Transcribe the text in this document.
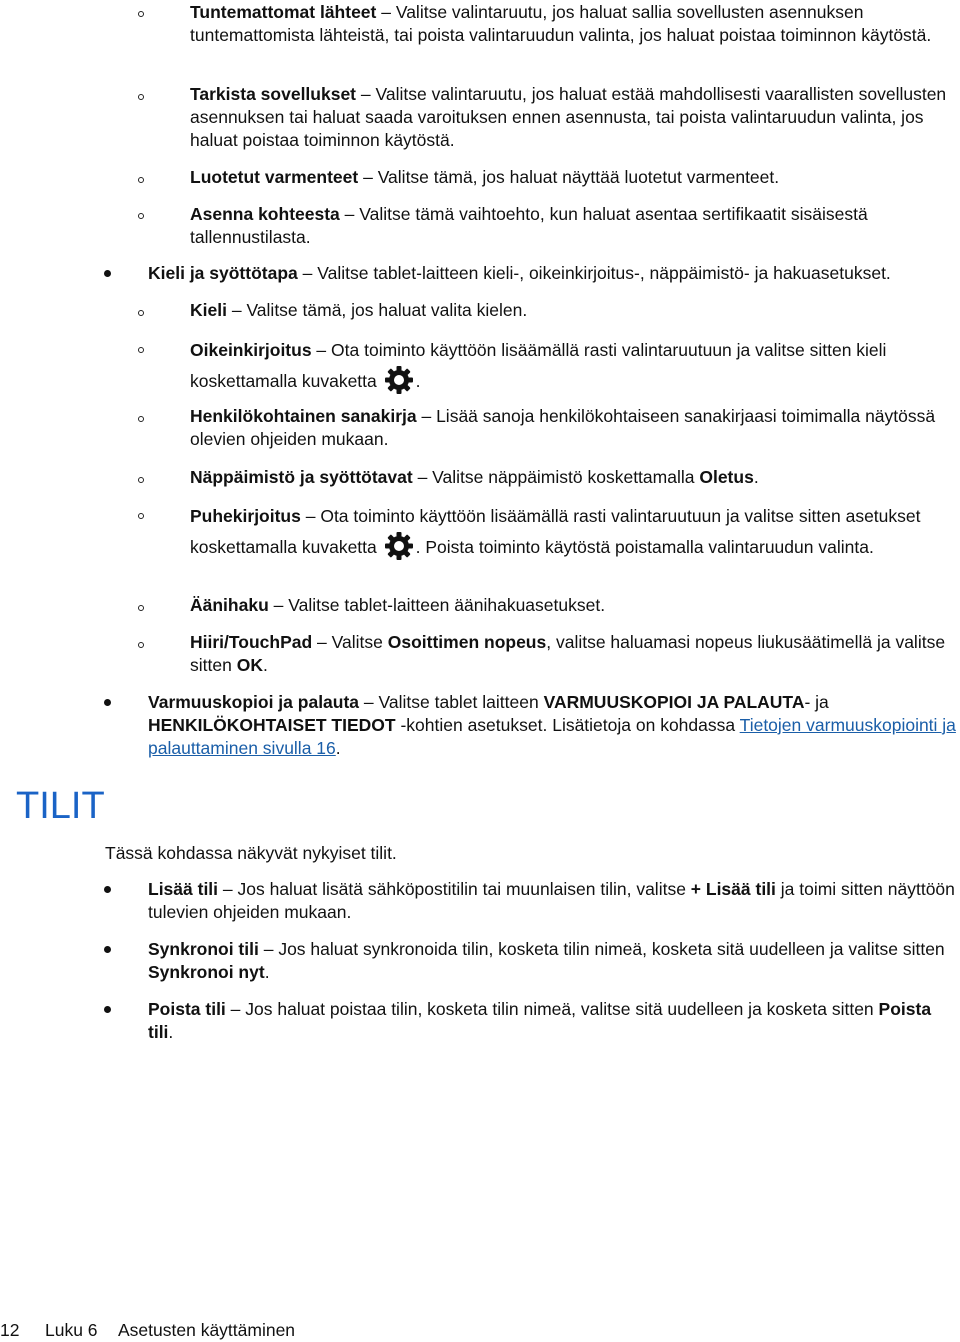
Tuntemattomat lähteet – Valitse valintaruutu, jos haluat sallia sovellusten asennuksen tuntemattomista lähteistä, tai poista valintaruudun valinta, jos haluat poistaa toiminnon käytöstä.
Tarkista sovellukset – Valitse valintaruutu, jos haluat estää mahdollisesti vaarallisten sovellusten asennuksen tai haluat saada varoituksen ennen asennusta, tai poista valintaruudun valinta, jos haluat poistaa toiminnon käytöstä.
Luotetut varmenteet – Valitse tämä, jos haluat näyttää luotetut varmenteet.
Asenna kohteesta – Valitse tämä vaihtoehto, kun haluat asentaa sertifikaatit sisäisestä tallennustilasta.
Kieli ja syöttötapa – Valitse tablet-laitteen kieli-, oikeinkirjoitus-, näppäimistö- ja hakuasetukset.
Kieli – Valitse tämä, jos haluat valita kielen.
Oikeinkirjoitus – Ota toiminto käyttöön lisäämällä rasti valintaruutuun ja valitse sitten kieli koskettamalla kuvaketta .
Henkilökohtainen sanakirja – Lisää sanoja henkilökohtaiseen sanakirjaasi toimimalla näytössä olevien ohjeiden mukaan.
Näppäimistö ja syöttötavat – Valitse näppäimistö koskettamalla Oletus.
Puhekirjoitus – Ota toiminto käyttöön lisäämällä rasti valintaruutuun ja valitse sitten asetukset koskettamalla kuvaketta . Poista toiminto käytöstä poistamalla valintaruudun valinta.
Äänihaku – Valitse tablet-laitteen äänihakuasetukset.
Hiiri/TouchPad – Valitse Osoittimen nopeus, valitse haluamasi nopeus liukusäätimellä ja valitse sitten OK.
Varmuuskopioi ja palauta – Valitse tablet laitteen VARMUUSKOPIOI JA PALAUTA- ja HENKILÖKOHTAISET TIEDOT -kohtien asetukset. Lisätietoja on kohdassa Tietojen varmuuskopiointi ja palauttaminen sivulla 16.
TILIT
Tässä kohdassa näkyvät nykyiset tilit.
Lisää tili – Jos haluat lisätä sähköpostitilin tai muunlaisen tilin, valitse + Lisää tili ja toimi sitten näyttöön tulevien ohjeiden mukaan.
Synkronoi tili – Jos haluat synkronoida tilin, kosketa tilin nimeä, kosketa sitä uudelleen ja valitse sitten Synkronoi nyt.
Poista tili – Jos haluat poistaa tilin, kosketa tilin nimeä, valitse sitä uudelleen ja kosketa sitten Poista tili.
12 Luku 6 Asetusten käyttäminen
